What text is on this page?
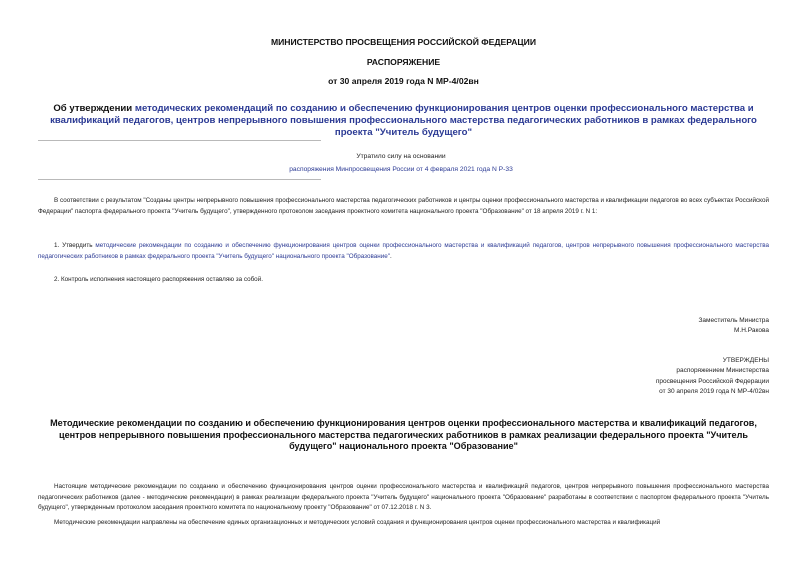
МИНИСТЕРСТВО ПРОСВЕЩЕНИЯ РОССИЙСКОЙ ФЕДЕРАЦИИ
РАСПОРЯЖЕНИЕ
от 30 апреля 2019 года N МР-4/02вн
Об утверждении методических рекомендаций по созданию и обеспечению функционирования центров оценки профессионального мастерства и квалификаций педагогов, центров непрерывного повышения профессионального мастерства педагогических работников в рамках федерального проекта "Учитель будущего"
Утратило силу на основании
распоряжения Минпросвещения России от 4 февраля 2021 года N Р-33
В соответствии с результатом "Созданы центры непрерывного повышения профессионального мастерства педагогических работников и центры оценки профессионального мастерства и квалификации педагогов во всех субъектах Российской Федерации" паспорта федерального проекта "Учитель будущего", утвержденного протоколом заседания проектного комитета национального проекта "Образование" от 18 апреля 2019 г. N 1:
1. Утвердить методические рекомендации по созданию и обеспечению функционирования центров оценки профессионального мастерства и квалификаций педагогов, центров непрерывного повышения профессионального мастерства педагогических работников в рамках федерального проекта "Учитель будущего" национального проекта "Образование".
2. Контроль исполнения настоящего распоряжения оставляю за собой.
Заместитель Министра
М.Н.Ракова
УТВЕРЖДЕНЫ
распоряжением Министерства
просвещения Российской Федерации
от 30 апреля 2019 года N МР-4/02вн
Методические рекомендации по созданию и обеспечению функционирования центров оценки профессионального мастерства и квалификаций педагогов, центров непрерывного повышения профессионального мастерства педагогических работников в рамках реализации федерального проекта "Учитель будущего" национального проекта "Образование"
Настоящие методические рекомендации по созданию и обеспечению функционирования центров оценки профессионального мастерства и квалификаций педагогов, центров непрерывного повышения профессионального мастерства педагогических работников (далее - методические рекомендации) в рамках реализации федерального проекта "Учитель будущего" национального проекта "Образование" разработаны в соответствии с паспортом федерального проекта "Учитель будущего", утвержденным протоколом заседания проектного комитета по национальному проекту "Образование" от 07.12.2018 г. N 3.
Методические рекомендации направлены на обеспечение единых организационных и методических условий создания и функционирования центров оценки профессионального мастерства и квалификаций
